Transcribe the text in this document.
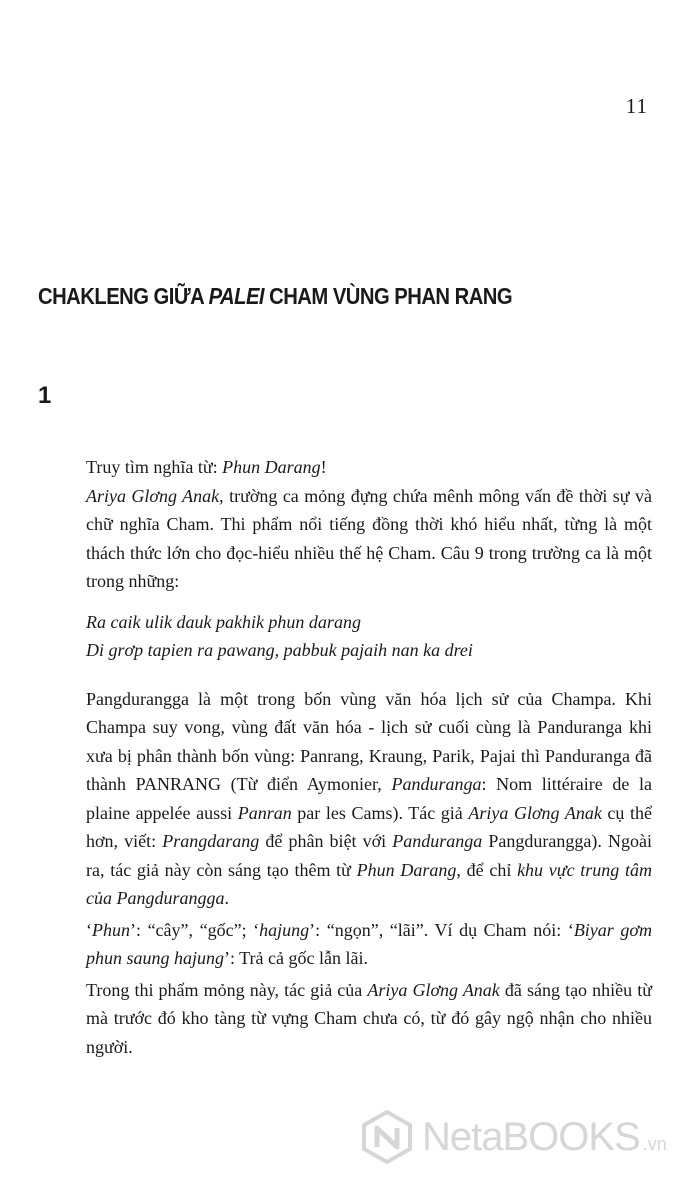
11
CHAKLENG GIỮA PALEI CHAM VÙNG PHAN RANG
1

Truy tìm nghĩa từ: Phun Darang!

Ariya Glơng Anak, trường ca mỏng đựng chứa mênh mông vấn đề thời sự và chữ nghĩa Cham. Thi phẩm nổi tiếng đồng thời khó hiểu nhất, từng là một thách thức lớn cho đọc-hiểu nhiều thế hệ Cham. Câu 9 trong trường ca là một trong những:

Ra caik ulik dauk pakhik phun darang

Di grơp tapien ra pawang, pabbuk pajaih nan ka drei

Pangdurangga là một trong bốn vùng văn hóa lịch sử của Champa. Khi Champa suy vong, vùng đất văn hóa - lịch sử cuối cùng là Panduranga khi xưa bị phân thành bốn vùng: Panrang, Kraung, Parik, Pajai thì Panduranga đã thành PANRANG (Từ điển Aymonier, Panduranga: Nom littéraire de la plaine appelée aussi Panran par les Cams). Tác giả Ariya Glơng Anak cụ thể hơn, viết: Prangdarang để phân biệt với Panduranga Pangdurangga). Ngoài ra, tác giả này còn sáng tạo thêm từ Phun Darang, để chỉ khu vực trung tâm của Pangdurangga.

‘Phun’: “cây”, “gốc”; ‘hajung’: “ngọn”, “lãi”. Ví dụ Cham nói: ‘Biyar gơm phun saung hajung’: Trả cả gốc lẫn lãi.

Trong thi phẩm mỏng này, tác giả của Ariya Glơng Anak đã sáng tạo nhiều từ mà trước đó kho tàng từ vựng Cham chưa có, từ đó gây ngộ nhận cho nhiều người.

NetaBOOKS .vn
